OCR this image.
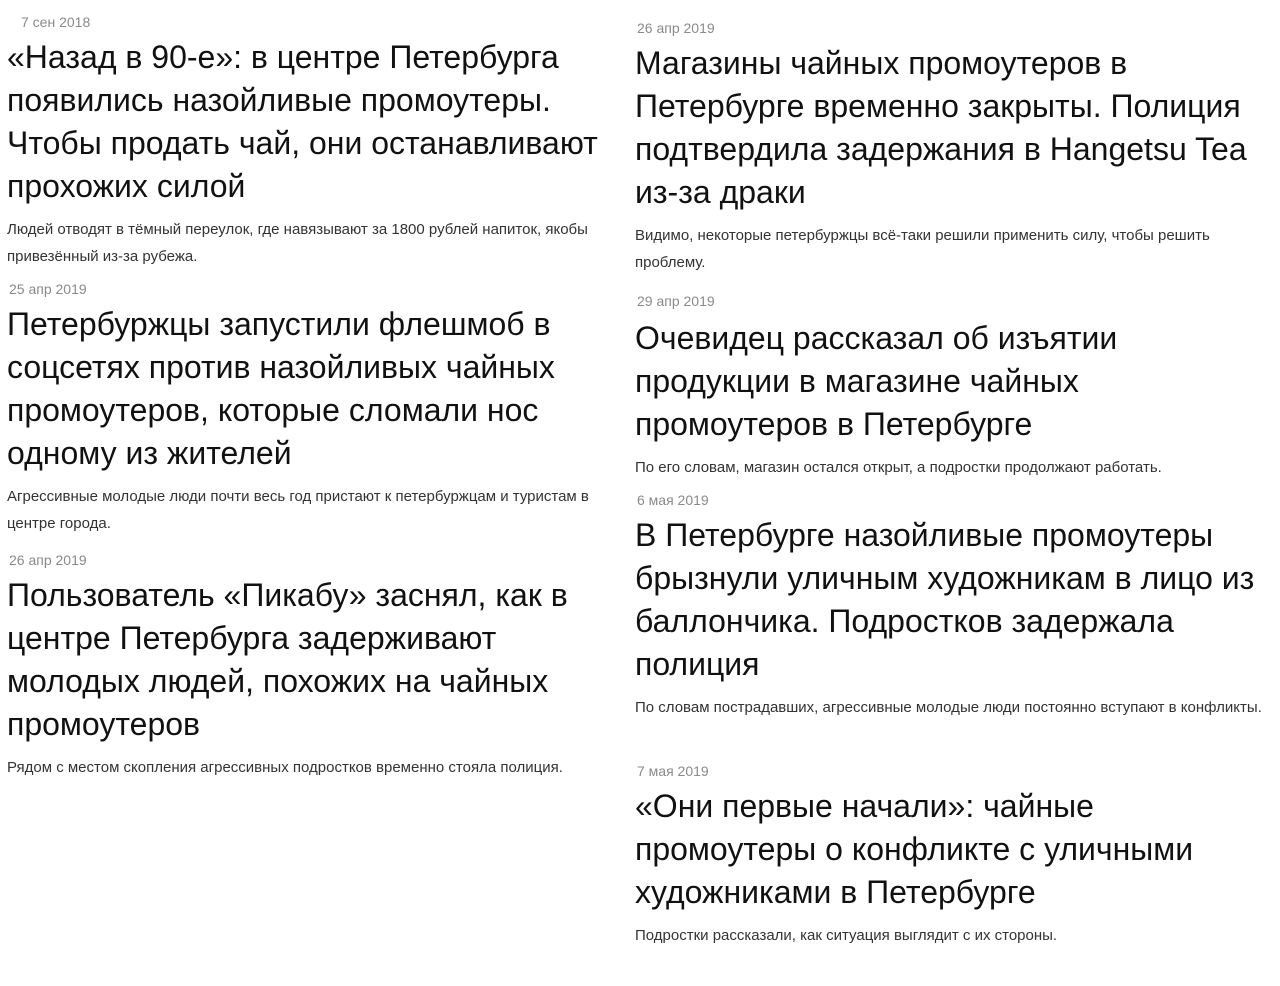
7 сен 2018
«Назад в 90-е»: в центре Петербурга появились назойливые промоутеры. Чтобы продать чай, они останавливают прохожих силой
Людей отводят в тёмный переулок, где навязывают за 1800 рублей напиток, якобы привезённый из-за рубежа.
25 апр 2019
Петербуржцы запустили флешмоб в соцсетях против назойливых чайных промоутеров, которые сломали нос одному из жителей
Агрессивные молодые люди почти весь год пристают к петербуржцам и туристам в центре города.
26 апр 2019
Пользователь «Пикабу» заснял, как в центре Петербурга задерживают молодых людей, похожих на чайных промоутеров
Рядом с местом скопления агрессивных подростков временно стояла полиция.
26 апр 2019
Магазины чайных промоутеров в Петербурге временно закрыты. Полиция подтвердила задержания в Hangetsu Tea из-за драки
Видимо, некоторые петербуржцы всё-таки решили применить силу, чтобы решить проблему.
29 апр 2019
Очевидец рассказал об изъятии продукции в магазине чайных промоутеров в Петербурге
По его словам, магазин остался открыт, а подростки продолжают работать.
6 мая 2019
В Петербурге назойливые промоутеры брызнули уличным художникам в лицо из баллончика. Подростков задержала полиция
По словам пострадавших, агрессивные молодые люди постоянно вступают в конфликты.
7 мая 2019
«Они первые начали»: чайные промоутеры о конфликте с уличными художниками в Петербурге
Подростки рассказали, как ситуация выглядит с их стороны.
